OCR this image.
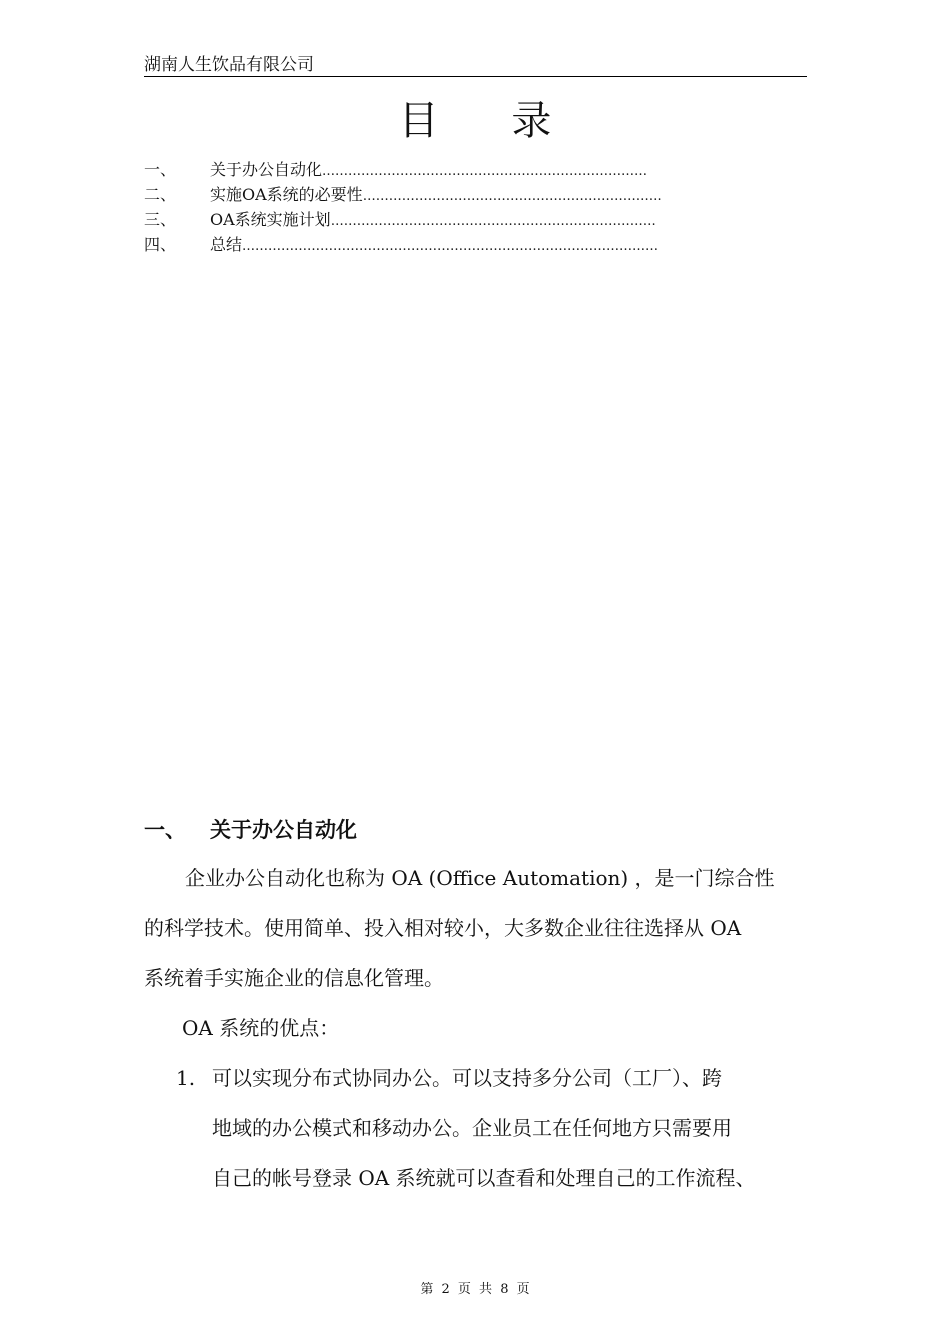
湖南人生饮品有限公司
目 录
一、	关于办公自动化 …………………………………………………………………
二、	实施OA系统的必要性 ……………………………………………………………
三、	OA系统实施计划 …………………………………………………………………
四、	总结 ……………………………………………………………………………………
一、	关于办公自动化
企业办公自动化也称为 OA (Office Automation) ，是一门综合性
的科学技术。使用简单、投入相对较小，大多数企业往往选择从 OA
系统着手实施企业的信息化管理。
OA 系统的优点：
1. 可以实现分布式协同办公。可以支持多分公司（工厂）、跨
地域的办公模式和移动办公。企业员工在任何地方只需要用
自己的帐号登录 OA 系统就可以查看和处理自己的工作流程、
第 2 页 共 8 页
